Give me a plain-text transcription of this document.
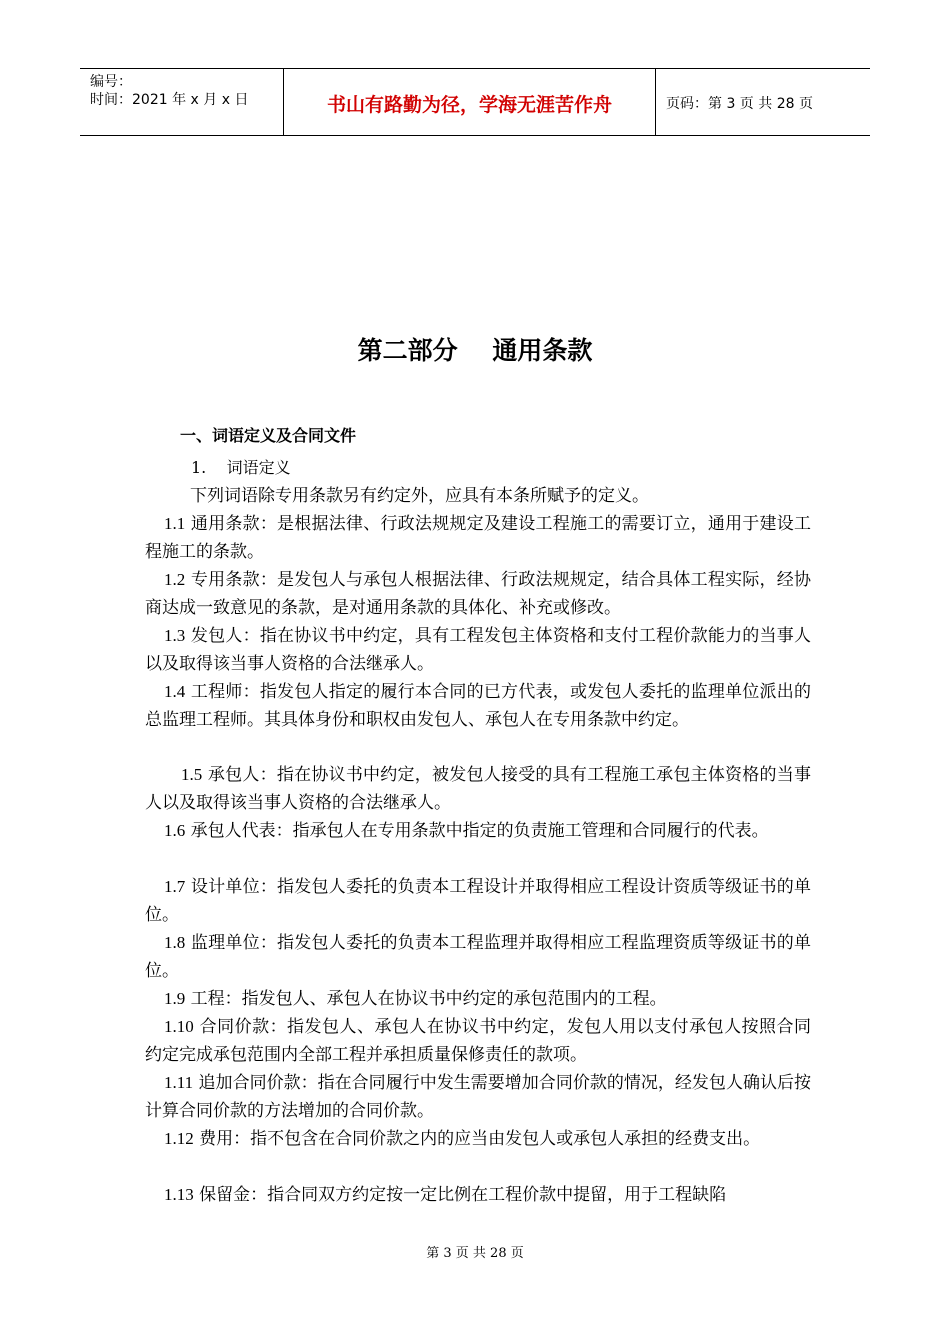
编号：
时间：2021 年 x 月 x 日	书山有路勤为径，学海无涯苦作舟	页码：第 3 页 共 28 页
第二部分    通用条款
一、词语定义及合同文件
1.    词语定义
下列词语除专用条款另有约定外，应具有本条所赋予的定义。
1.1 通用条款：是根据法律、行政法规规定及建设工程施工的需要订立，通用于建设工程施工的条款。
1.2 专用条款：是发包人与承包人根据法律、行政法规规定，结合具体工程实际，经协商达成一致意见的条款，是对通用条款的具体化、补充或修改。
1.3 发包人：指在协议书中约定，具有工程发包主体资格和支付工程价款能力的当事人以及取得该当事人资格的合法继承人。
1.4 工程师：指发包人指定的履行本合同的已方代表，或发包人委托的监理单位派出的总监理工程师。其具体身份和职权由发包人、承包人在专用条款中约定。
1.5 承包人：指在协议书中约定，被发包人接受的具有工程施工承包主体资格的当事人以及取得该当事人资格的合法继承人。
1.6 承包人代表：指承包人在专用条款中指定的负责施工管理和合同履行的代表。
1.7 设计单位：指发包人委托的负责本工程设计并取得相应工程设计资质等级证书的单位。
1.8 监理单位：指发包人委托的负责本工程监理并取得相应工程监理资质等级证书的单位。
1.9 工程：指发包人、承包人在协议书中约定的承包范围内的工程。
1.10 合同价款：指发包人、承包人在协议书中约定，发包人用以支付承包人按照合同约定完成承包范围内全部工程并承担质量保修责任的款项。
1.11 追加合同价款：指在合同履行中发生需要增加合同价款的情况，经发包人确认后按计算合同价款的方法增加的合同价款。
1.12 费用：指不包含在合同价款之内的应当由发包人或承包人承担的经费支出。
1.13 保留金：指合同双方约定按一定比例在工程价款中提留，用于工程缺陷
第 3 页 共 28 页
